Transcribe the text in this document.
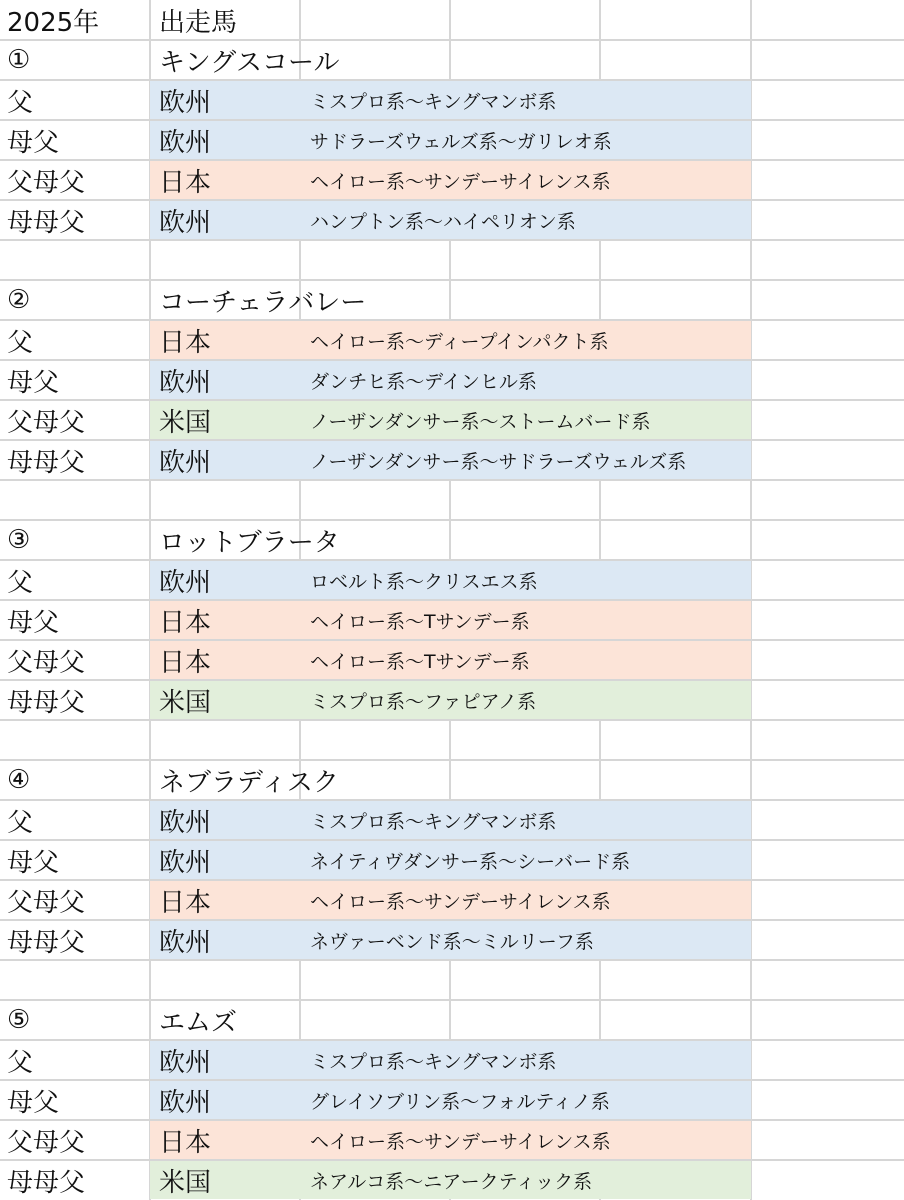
2025年 出走馬
①	キングスコール
父	欧州	ミスプロ系〜キングマンボ系
母父	欧州	サドラーズウェルズ系〜ガリレオ系
父母父	日本	ヘイロー系〜サンデーサイレンス系
母母父	欧州	ハンプトン系〜ハイペリオン系
②	コーチェラバレー
父	日本	ヘイロー系〜ディープインパクト系
母父	欧州	ダンチヒ系〜デインヒル系
父母父	米国	ノーザンダンサー系〜ストームバード系
母母父	欧州	ノーザンダンサー系〜サドラーズウェルズ系
③	ロットブラータ
父	欧州	ロベルト系〜クリスエス系
母父	日本	ヘイロー系〜Tサンデー系
父母父	日本	ヘイロー系〜Tサンデー系
母母父	米国	ミスプロ系〜ファピアノ系
④	ネブラディスク
父	欧州	ミスプロ系〜キングマンボ系
母父	欧州	ネイティヴダンサー系〜シーバード系
父母父	日本	ヘイロー系〜サンデーサイレンス系
母母父	欧州	ネヴァーベンド系〜ミルリーフ系
⑤	エムズ
父	欧州	ミスプロ系〜キングマンボ系
母父	欧州	グレイソブリン系〜フォルティノ系
父母父	日本	ヘイロー系〜サンデーサイレンス系
母母父	米国	ネアルコ系〜ニアークティック系
